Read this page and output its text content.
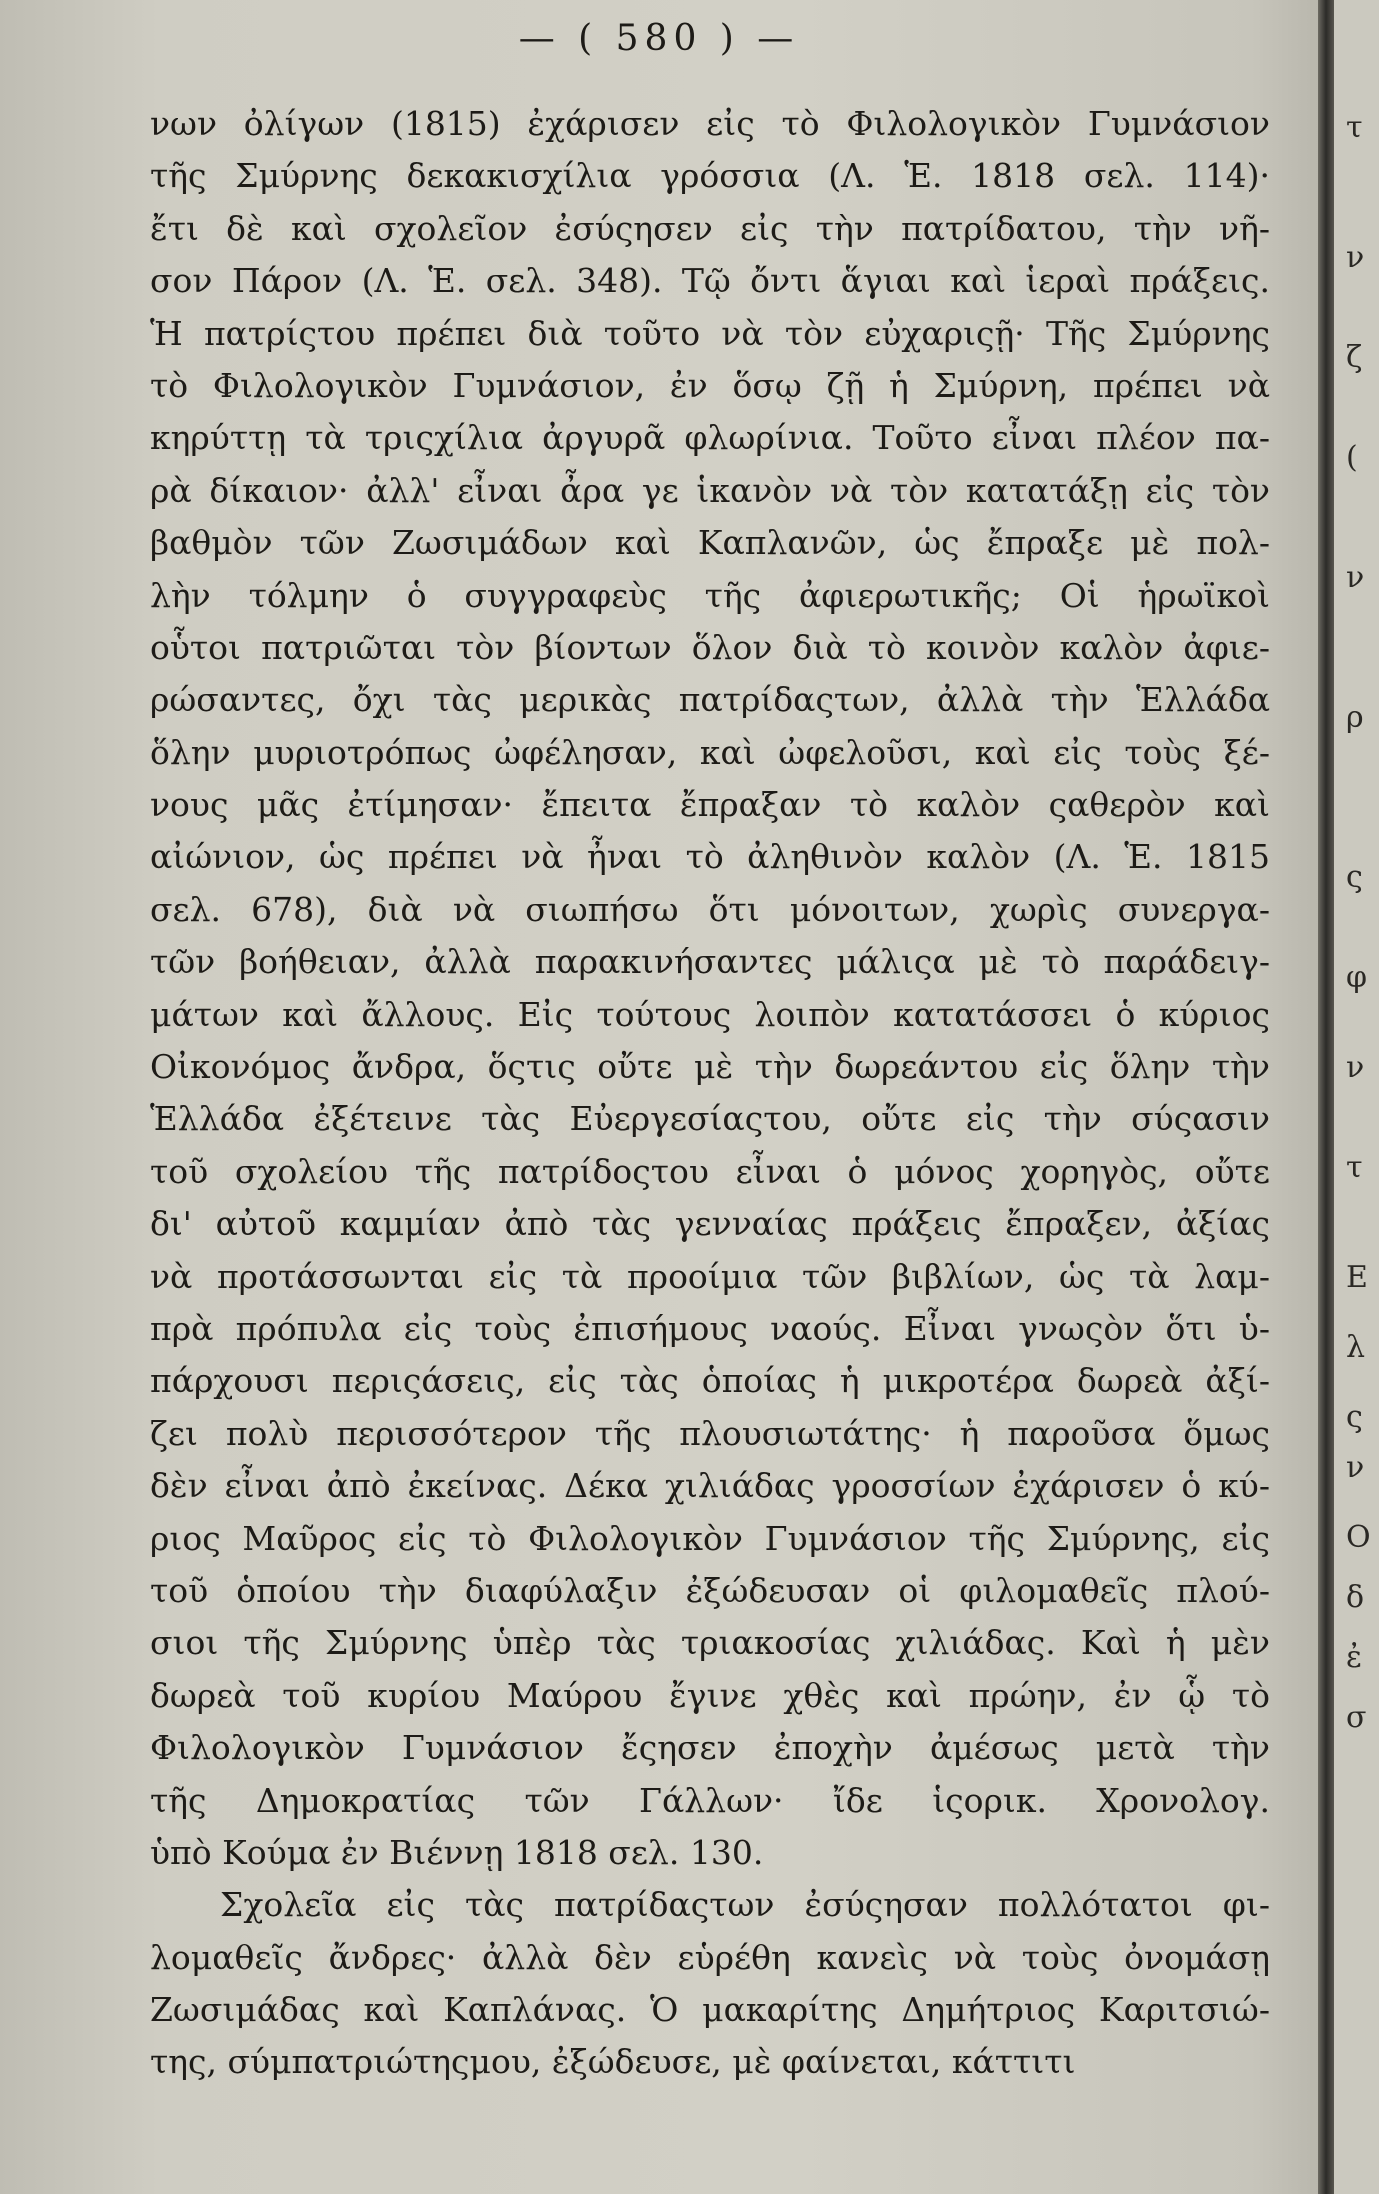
— ( 580 ) —
νων ὀλίγων (1815) ἐχάρισεν εἰς τὸ Φιλολογικὸν Γυμνάσιον
τῆς Σμύρνης δεκακισχίλια γρόσσια (Λ. Ἑ. 1818 σελ. 114)·
ἔτι δὲ καὶ σχολεῖον ἐσύςησεν εἰς τὴν πατρίδατου, τὴν νῆ-
σον Πάρον (Λ. Ἑ. σελ. 348). Τῷ ὄντι ἅγιαι καὶ ἱεραὶ πράξεις.
Ἡ πατρίςτου πρέπει διὰ τοῦτο νὰ τὸν εὐχαριςῇ· Τῆς Σμύρνης
τὸ Φιλολογικὸν Γυμνάσιον, ἐν ὅσῳ ζῇ ἡ Σμύρνη, πρέπει νὰ
κηρύττῃ τὰ τριςχίλια ἀργυρᾶ φλωρίνια. Τοῦτο εἶναι πλέον πα-
ρὰ δίκαιον· ἀλλ' εἶναι ἆρα γε ἱκανὸν νὰ τὸν κατατάξῃ εἰς τὸν
βαθμὸν τῶν Ζωσιμάδων καὶ Καπλανῶν, ὡς ἔπραξε μὲ πολ-
λὴν τόλμην ὁ συγγραφεὺς τῆς ἀφιερωτικῆς; Οἱ ἡρωϊκοὶ
οὗτοι πατριῶται τὸν βίοντων ὅλον διὰ τὸ κοινὸν καλὸν ἀφιε-
ρώσαντες, ὄχι τὰς μερικὰς πατρίδαςτων, ἀλλὰ τὴν Ἑλλάδα
ὅλην μυριοτρόπως ὠφέλησαν, καὶ ὠφελοῦσι, καὶ εἰς τοὺς ξέ-
νους μᾶς ἐτίμησαν· ἔπειτα ἔπραξαν τὸ καλὸν ςαθερὸν καὶ
αἰώνιον, ὡς πρέπει νὰ ἦναι τὸ ἀληθινὸν καλὸν (Λ. Ἑ. 1815
σελ. 678), διὰ νὰ σιωπήσω ὅτι μόνοιτων, χωρὶς συνεργα-
τῶν βοήθειαν, ἀλλὰ παρακινήσαντες μάλιςα μὲ τὸ παράδειγ-
μάτων καὶ ἄλλους. Εἰς τούτους λοιπὸν κατατάσσει ὁ κύριος
Οἰκονόμος ἄνδρα, ὅςτις οὔτε μὲ τὴν δωρεάντου εἰς ὅλην τὴν
Ἑλλάδα ἐξέτεινε τὰς Εὐεργεσίαςτου, οὔτε εἰς τὴν σύςασιν
τοῦ σχολείου τῆς πατρίδοςτου εἶναι ὁ μόνος χορηγὸς, οὔτε
δι' αὐτοῦ καμμίαν ἀπὸ τὰς γενναίας πράξεις ἔπραξεν, ἀξίας
νὰ προτάσσωνται εἰς τὰ προοίμια τῶν βιβλίων, ὡς τὰ λαμ-
πρὰ πρόπυλα εἰς τοὺς ἐπισήμους ναούς. Εἶναι γνωςὸν ὅτι ὑ-
πάρχουσι περιςάσεις, εἰς τὰς ὁποίας ἡ μικροτέρα δωρεὰ ἀξί-
ζει πολὺ περισσότερον τῆς πλουσιωτάτης· ἡ παροῦσα ὅμως
δὲν εἶναι ἀπὸ ἐκείνας. Δέκα χιλιάδας γροσσίων ἐχάρισεν ὁ κύ-
ριος Μαῦρος εἰς τὸ Φιλολογικὸν Γυμνάσιον τῆς Σμύρνης, εἰς
τοῦ ὁποίου τὴν διαφύλαξιν ἐξώδευσαν οἱ φιλομαθεῖς πλού-
σιοι τῆς Σμύρνης ὑπὲρ τὰς τριακοσίας χιλιάδας. Καὶ ἡ μὲν
δωρεὰ τοῦ κυρίου Μαύρου ἔγινε χθὲς καὶ πρώην, ἐν ᾧ τὸ
Φιλολογικὸν Γυμνάσιον ἔςησεν ἐποχὴν ἀμέσως μετὰ τὴν
τῆς Δημοκρατίας τῶν Γάλλων· ἴδε ἱςορικ. Χρονολογ.
ὑπὸ Κούμα ἐν Βιέννῃ 1818 σελ. 130.
Σχολεῖα εἰς τὰς πατρίδαςτων ἐσύςησαν πολλότατοι φι-
λομαθεῖς ἄνδρες· ἀλλὰ δὲν εὑρέθη κανεὶς νὰ τοὺς ὀνομάσῃ
Ζωσιμάδας καὶ Καπλάνας. Ὁ μακαρίτης Δημήτριος Καριτσιώ-
της, σύμπατριώτηςμου, ἐξώδευσε, μὲ φαίνεται, κάττιτι
τ
ν
ζ
(
ν
ρ
ς
φ
ν
τ
E
λ
ς
ν
O
δ
ἐ
σ
